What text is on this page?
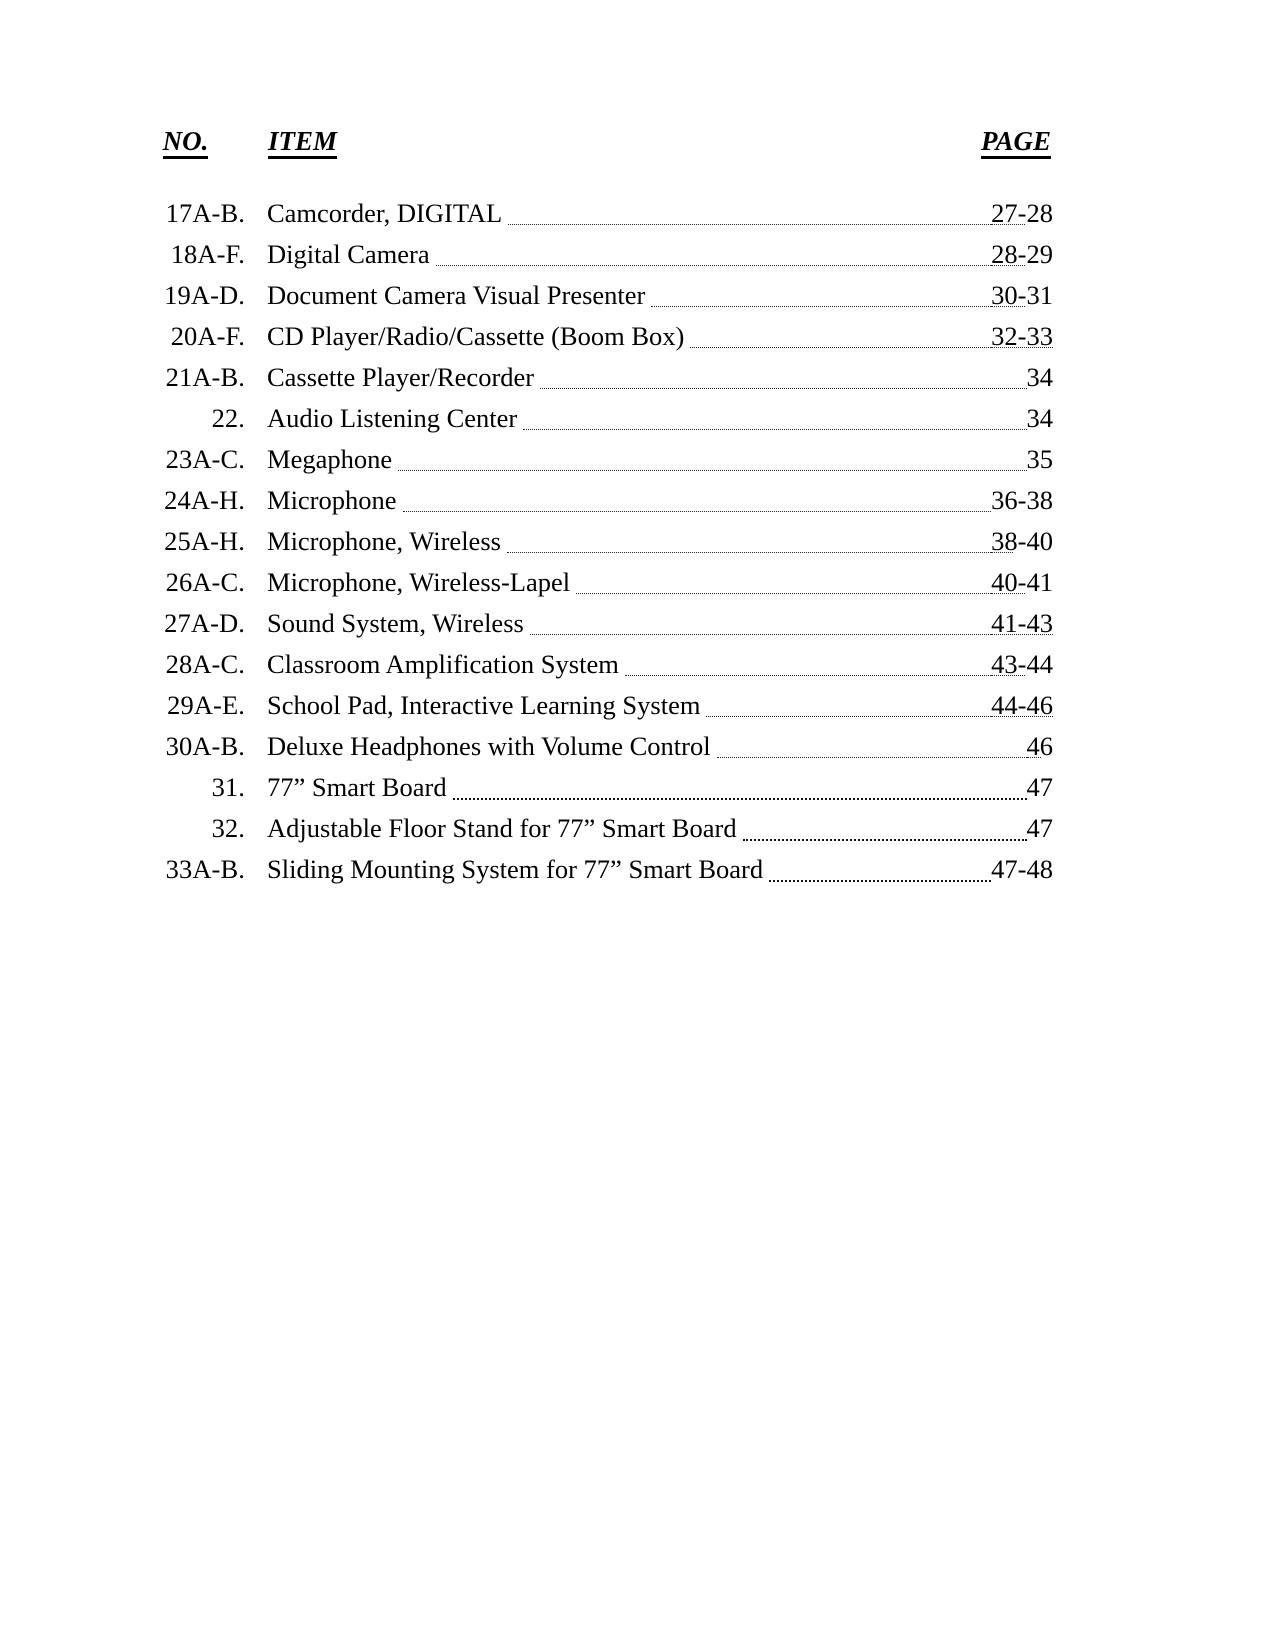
NO.	ITEM	PAGE
17A-B. Camcorder, DIGITAL	27-28
18A-F. Digital Camera	28-29
19A-D. Document Camera Visual Presenter	30-31
20A-F. CD Player/Radio/Cassette (Boom Box)	32-33
21A-B. Cassette Player/Recorder	34
22. Audio Listening Center	34
23A-C. Megaphone	35
24A-H. Microphone	36-38
25A-H. Microphone, Wireless	38-40
26A-C. Microphone, Wireless-Lapel	40-41
27A-D. Sound System, Wireless	41-43
28A-C. Classroom Amplification System	43-44
29A-E. School Pad, Interactive Learning System	44-46
30A-B. Deluxe Headphones with Volume Control	46
31. 77” Smart Board	47
32. Adjustable Floor Stand for 77” Smart Board	47
33A-B. Sliding Mounting System for 77” Smart Board	47-48
